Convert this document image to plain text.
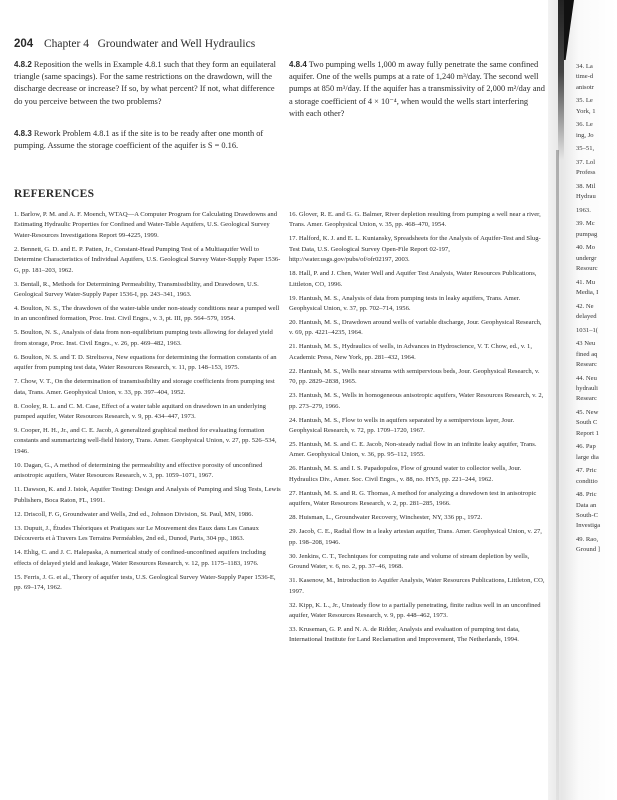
204 Chapter 4   Groundwater and Well Hydraulics
4.8.2 Reposition the wells in Example 4.8.1 such that they form an equilateral triangle (same spacings). For the same restrictions on the drawdown, will the discharge decrease or increase? If so, by what percent? If not, what difference do you perceive between the two problems?
4.8.3 Rework Problem 4.8.1 as if the site is to be ready after one month of pumping. Assume the storage coefficient of the aquifer is S = 0.16.
4.8.4 Two pumping wells 1,000 m away fully penetrate the same confined aquifer. One of the wells pumps at a rate of 1,240 m³/day. The second well pumps at 850 m³/day. If the aquifer has a transmissivity of 2,000 m²/day and a storage coefficient of 4 × 10⁻⁴, when would the wells start interfering with each other?
REFERENCES
1. Barlow, P. M. and A. F. Moench, WTAQ—A Computer Program for Calculating Drawdowns and Estimating Hydraulic Properties for Confined and Water-Table Aquifers, U.S. Geological Survey Water-Resources Investigations Report 99-4225, 1999.
2. Bennett, G. D. and E. P. Patten, Jr., Constant-Head Pumping Test of a Multiaquifer Well to Determine Characteristics of Individual Aquifers, U.S. Geological Survey Water-Supply Paper 1536-G, pp. 181–203, 1962.
3. Bentall, R., Methods for Determining Permeability, Transmissibility, and Drawdown, U.S. Geological Survey Water-Supply Paper 1536-I, pp. 243–341, 1963.
4. Boulton, N. S., The drawdown of the water-table under non-steady conditions near a pumped well in an unconfined formation, Proc. Inst. Civil Engrs., v. 3, pt. III, pp. 564–579, 1954.
5. Boulton, N. S., Analysis of data from non-equilibrium pumping tests allowing for delayed yield from storage, Proc. Inst. Civil Engrs., v. 26, pp. 469–482, 1963.
6. Boulton, N. S. and T. D. Streltsova, New equations for determining the formation constants of an aquifer from pumping test data, Water Resources Research, v. 11, pp. 148–153, 1975.
7. Chow, V. T., On the determination of transmissibility and storage coefficients from pumping test data, Trans. Amer. Geophysical Union, v. 33, pp. 397–404, 1952.
8. Cooley, R. L. and C. M. Case, Effect of a water table aquitard on drawdown in an underlying pumped aquifer, Water Resources Research, v. 9, pp. 434–447, 1973.
9. Cooper, H. H., Jr., and C. E. Jacob, A generalized graphical method for evaluating formation constants and summarizing well-field history, Trans. Amer. Geophysical Union, v. 27, pp. 526–534, 1946.
10. Dagan, G., A method of determining the permeability and effective porosity of unconfined anisotropic aquifers, Water Resources Research, v. 3, pp. 1059–1071, 1967.
11. Dawson, K. and J. Istok, Aquifer Testing: Design and Analysis of Pumping and Slug Tests, Lewis Publishers, Boca Raton, FL, 1991.
12. Driscoll, F. G, Groundwater and Wells, 2nd ed., Johnson Division, St. Paul, MN, 1986.
13. Dupuit, J., Études Théoriques et Pratiques sur Le Mouvement des Eaux dans Les Canaux Découverts et à Travers Les Terrains Perméables, 2nd ed., Dunod, Paris, 304 pp., 1863.
14. Ehlig, C. and J. C. Halepaska, A numerical study of confined-unconfined aquifers including effects of delayed yield and leakage, Water Resources Research, v. 12, pp. 1175–1183, 1976.
15. Ferris, J. G. et al., Theory of aquifer tests, U.S. Geological Survey Water-Supply Paper 1536-E, pp. 69–174, 1962.
16. Glover, R. E. and G. G. Balmer, River depletion resulting from pumping a well near a river, Trans. Amer. Geophysical Union, v. 35, pp. 468–470, 1954.
17. Halford, K. J. and E. L. Kuniansky, Spreadsheets for the Analysis of Aquifer-Test and Slug-Test Data, U.S. Geological Survey Open-File Report 02-197, http://water.usgs.gov/pubs/of/ofr02197, 2003.
18. Hall, P. and J. Chen, Water Well and Aquifer Test Analysis, Water Resources Publications, Littleton, CO, 1996.
19. Hantush, M. S., Analysis of data from pumping tests in leaky aquifers, Trans. Amer. Geophysical Union, v. 37, pp. 702–714, 1956.
20. Hantush, M. S., Drawdown around wells of variable discharge, Jour. Geophysical Research, v. 69, pp. 4221–4235, 1964.
21. Hantush, M. S., Hydraulics of wells, in Advances in Hydroscience, V. T. Chow, ed., v. 1, Academic Press, New York, pp. 281–432, 1964.
22. Hantush, M. S., Wells near streams with semipervious beds, Jour. Geophysical Research, v. 70, pp. 2829–2838, 1965.
23. Hantush, M. S., Wells in homogeneous anisotropic aquifers, Water Resources Research, v. 2, pp. 273–279, 1966.
24. Hantush, M. S., Flow to wells in aquifers separated by a semipervious layer, Jour. Geophysical Research, v. 72, pp. 1709–1720, 1967.
25. Hantush, M. S. and C. E. Jacob, Non-steady radial flow in an infinite leaky aquifer, Trans. Amer. Geophysical Union, v. 36, pp. 95–112, 1955.
26. Hantush, M. S. and I. S. Papadopulos, Flow of ground water to collector wells, Jour. Hydraulics Div., Amer. Soc. Civil Engrs., v. 88, no. HY5, pp. 221–244, 1962.
27. Hantush, M. S. and R. G. Thomas, A method for analyzing a drawdown test in anisotropic aquifers, Water Resources Research, v. 2, pp. 281–285, 1966.
28. Huisman, L., Groundwater Recovery, Winchester, NY, 336 pp., 1972.
29. Jacob, C. E., Radial flow in a leaky artesian aquifer, Trans. Amer. Geophysical Union, v. 27, pp. 198–208, 1946.
30. Jenkins, C. T., Techniques for computing rate and volume of stream depletion by wells, Ground Water, v. 6, no. 2, pp. 37–46, 1968.
31. Kasenow, M., Introduction to Aquifer Analysis, Water Resources Publications, Littleton, CO, 1997.
32. Kipp, K. L., Jr., Unsteady flow to a partially penetrating, finite radius well in an unconfined aquifer, Water Resources Research, v. 9, pp. 448–462, 1973.
33. Kruseman, G. P. and N. A. de Ridder, Analysis and evaluation of pumping test data, International Institute for Land Reclamation and Improvement, The Netherlands, 1994.
34. La
time-d
anisotr
35. Le
York, 1
36. Le
ing, Jo
35–51,
37. Lol
Profess
38. Mil
Hydrau
1963.
39. Mc
pumpag
40. Mo
undergr
Resourc
41. Mu
Media, I
42. Ne
delayed
1031–1(
43 Neu
fined aq
Researc
44. Neu
hydrauli
Researc
45. New
South C
Report 1
46. Pap
large dia
47. Pric
conditio
48. Pric
Data an
South-C
Investiga
49. Rao,
Ground ]
